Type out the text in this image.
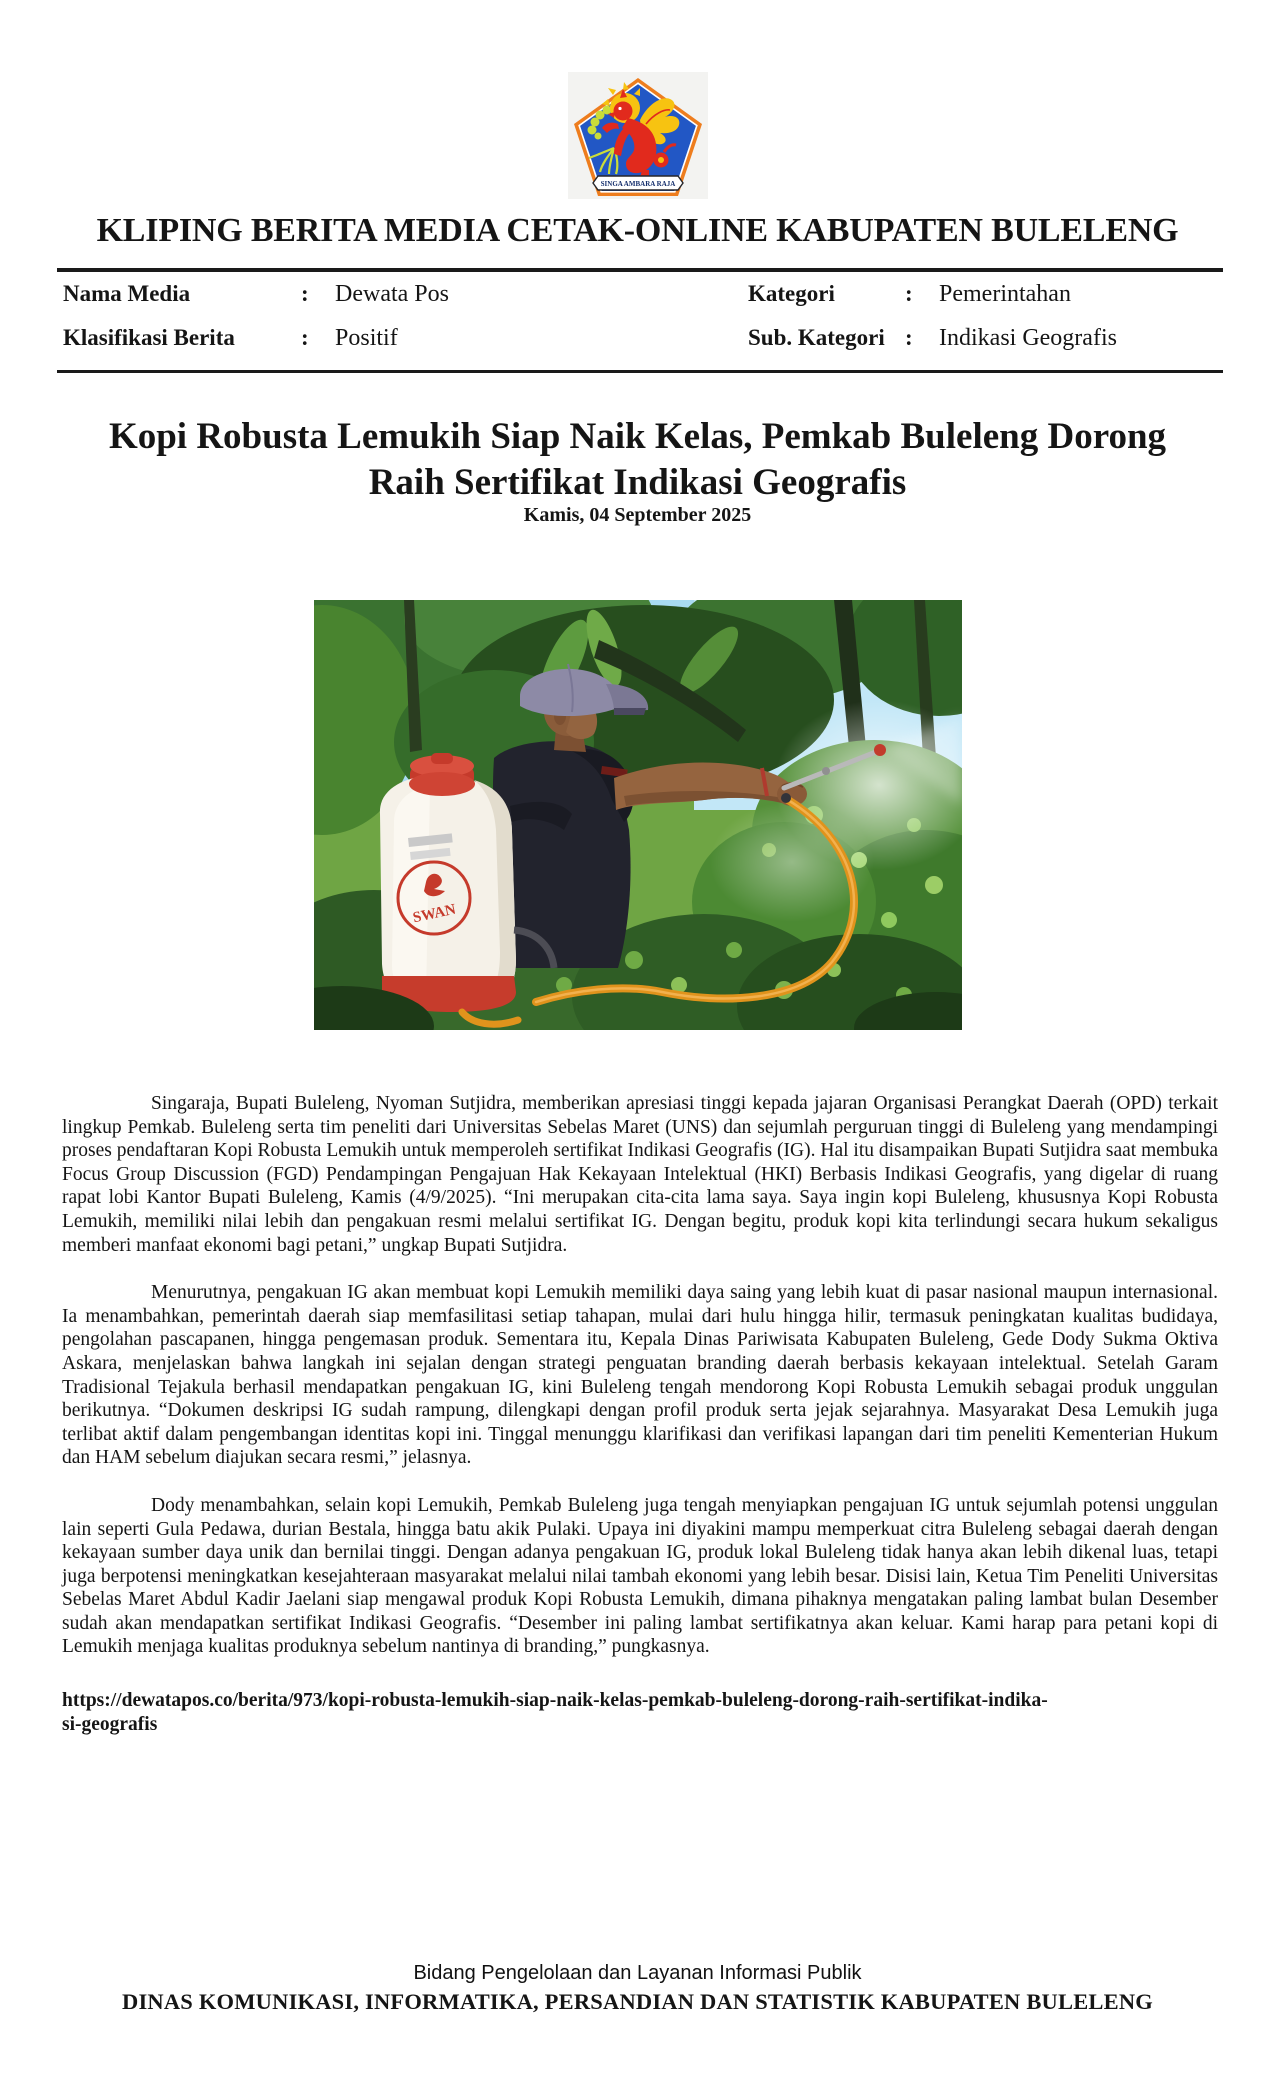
SINGA AMBARA RAJA
KLIPING BERITA MEDIA CETAK-ONLINE KABUPATEN BULELENG
Nama Media	:	Dewata Pos	Kategori	:	Pemerintahan
Klasifikasi Berita	:	Positif	Sub. Kategori :	Indikasi Geografis
Kopi Robusta Lemukih Siap Naik Kelas, Pemkab Buleleng Dorong
Raih Sertifikat Indikasi Geografis
Kamis, 04 September 2025
SWAN

Singaraja, Bupati Buleleng, Nyoman Sutjidra, memberikan apresiasi tinggi kepada jajaran Organisasi Perangkat Daerah (OPD) terkait lingkup Pemkab. Buleleng serta tim peneliti dari Universitas Sebelas Maret (UNS) dan sejumlah perguruan tinggi di Buleleng yang mendampingi proses pendaftaran Kopi Robusta Lemukih untuk memperoleh sertifikat Indikasi Geografis (IG). Hal itu disampaikan Bupati Sutjidra saat membuka Focus Group Discussion (FGD) Pendampingan Pengajuan Hak Kekayaan Intelektual (HKI) Berbasis Indikasi Geografis, yang digelar di ruang rapat lobi Kantor Bupati Buleleng, Kamis (4/9/2025). “Ini merupakan cita-cita lama saya. Saya ingin kopi Buleleng, khususnya Kopi Robusta Lemukih, memiliki nilai lebih dan pengakuan resmi melalui sertifikat IG. Dengan begitu, produk kopi kita terlindungi secara hukum sekaligus memberi manfaat ekonomi bagi petani,” ungkap Bupati Sutjidra.

Menurutnya, pengakuan IG akan membuat kopi Lemukih memiliki daya saing yang lebih kuat di pasar nasional maupun internasional. Ia menambahkan, pemerintah daerah siap memfasilitasi setiap tahapan, mulai dari hulu hingga hilir, termasuk peningkatan kualitas budidaya, pengolahan pascapanen, hingga pengemasan produk. Sementara itu, Kepala Dinas Pariwisata Kabupaten Buleleng, Gede Dody Sukma Oktiva Askara, menjelaskan bahwa langkah ini sejalan dengan strategi penguatan branding daerah berbasis kekayaan intelektual. Setelah Garam Tradisional Tejakula berhasil mendapatkan pengakuan IG, kini Buleleng tengah mendorong Kopi Robusta Lemukih sebagai produk unggulan berikutnya. “Dokumen deskripsi IG sudah rampung, dilengkapi dengan profil produk serta jejak sejarahnya. Masyarakat Desa Lemukih juga terlibat aktif dalam pengembangan identitas kopi ini. Tinggal menunggu klarifikasi dan verifikasi lapangan dari tim peneliti Kementerian Hukum dan HAM sebelum diajukan secara resmi,” jelasnya.

Dody menambahkan, selain kopi Lemukih, Pemkab Buleleng juga tengah menyiapkan pengajuan IG untuk sejumlah potensi unggulan lain seperti Gula Pedawa, durian Bestala, hingga batu akik Pulaki. Upaya ini diyakini mampu memperkuat citra Buleleng sebagai daerah dengan kekayaan sumber daya unik dan bernilai tinggi. Dengan adanya pengakuan IG, produk lokal Buleleng tidak hanya akan lebih dikenal luas, tetapi juga berpotensi meningkatkan kesejahteraan masyarakat melalui nilai tambah ekonomi yang lebih besar. Disisi lain, Ketua Tim Peneliti Universitas Sebelas Maret Abdul Kadir Jaelani siap mengawal produk Kopi Robusta Lemukih, dimana pihaknya mengatakan paling lambat bulan Desember sudah akan mendapatkan sertifikat Indikasi Geografis. “Desember ini paling lambat sertifikatnya akan keluar. Kami harap para petani kopi di Lemukih menjaga kualitas produknya sebelum nantinya di branding,” pungkasnya.

https://dewatapos.co/berita/973/kopi-robusta-lemukih-siap-naik-kelas-pemkab-buleleng-dorong-raih-sertifikat-indika-
si-geografis
Bidang Pengelolaan dan Layanan Informasi Publik
DINAS KOMUNIKASI, INFORMATIKA, PERSANDIAN DAN STATISTIK KABUPATEN BULELENG
